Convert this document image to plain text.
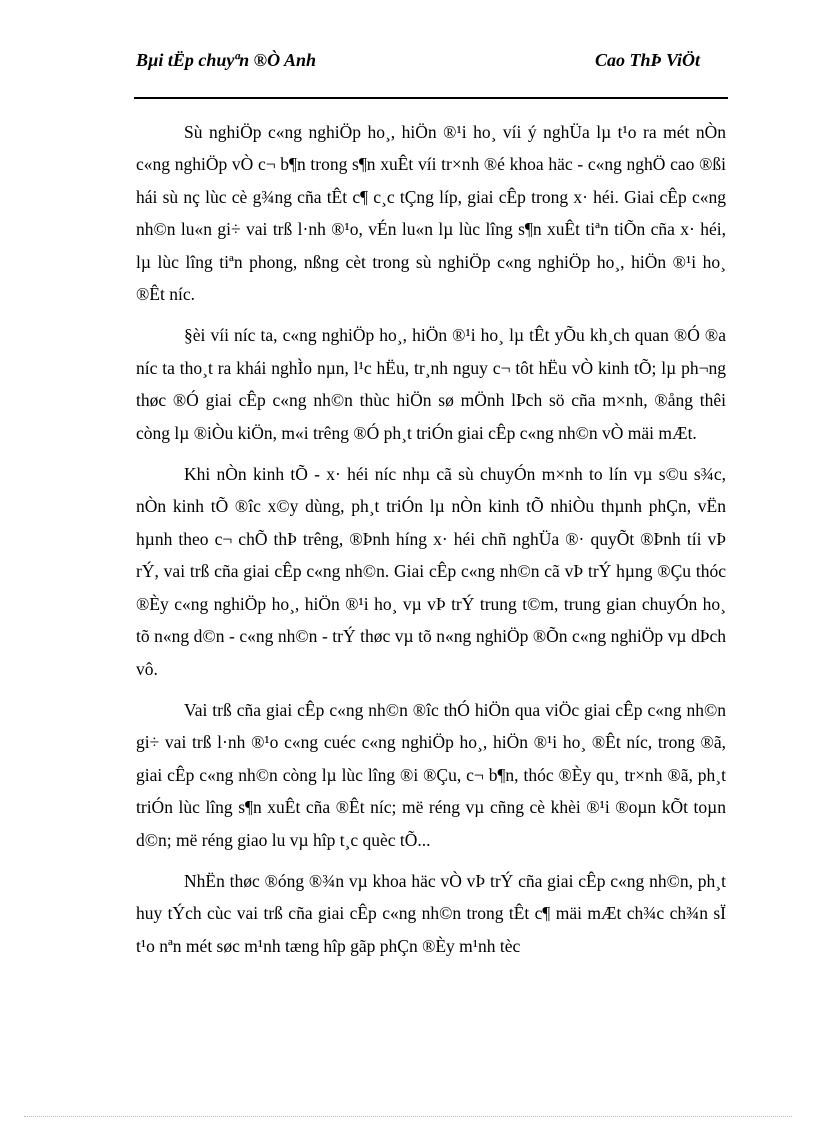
Bµi tËp chuyªn ®Ò Anh	Cao ThÞ ViÖt

Sù nghiÖp c«ng nghiÖp ho¸, hiÖn ®¹i ho¸ víi ý nghÜa lµ t¹o ra mét nÒn c«ng nghiÖp vÒ c¬ b¶n trong s¶n xuÊt víi tr×nh ®é khoa häc - c«ng nghÖ cao ®ßi hái sù nç lùc cè g¾ng cña tÊt c¶ c¸c tÇng líp, giai cÊp trong x· héi. Giai cÊp c«ng nh©n lu«n gi÷ vai trß l·nh ®¹o, vÉn lu«n lµ lùc lîng s¶n xuÊt tiªn tiÕn cña x· héi, lµ lùc lîng tiªn phong, nßng cèt trong sù nghiÖp c«ng nghiÖp ho¸, hiÖn ®¹i ho¸ ®Êt níc.

§èi víi níc ta, c«ng nghiÖp ho¸, hiÖn ®¹i ho¸ lµ tÊt yÕu kh¸ch quan ®Ó ®a níc ta tho¸t ra khái nghÌo nµn, l¹c hËu, tr¸nh nguy c¬ tôt hËu vÒ kinh tÕ; lµ ph¬ng thøc ®Ó giai cÊp c«ng nh©n thùc hiÖn sø mÖnh lÞch sö cña m×nh, ®ång thêi còng lµ ®iÒu kiÖn, m«i trêng ®Ó ph¸t triÓn giai cÊp c«ng nh©n vÒ mäi mÆt.

Khi nÒn kinh tÕ - x· héi níc nhµ cã sù chuyÓn m×nh to lín vµ s©u s¾c, nÒn kinh tÕ ®îc x©y dùng, ph¸t triÓn lµ nÒn kinh tÕ nhiÒu thµnh phÇn, vËn hµnh theo c¬ chÕ thÞ trêng, ®Þnh híng x· héi chñ nghÜa ®· quyÕt ®Þnh tíi vÞ rÝ, vai trß cña giai cÊp c«ng nh©n. Giai cÊp c«ng nh©n cã vÞ trÝ hµng ®Çu thóc ®Èy c«ng nghiÖp ho¸, hiÖn ®¹i ho¸ vµ vÞ trÝ trung t©m, trung gian chuyÓn ho¸ tõ n«ng d©n - c«ng nh©n - trÝ thøc vµ tõ n«ng nghiÖp ®Õn c«ng nghiÖp vµ dÞch vô.

Vai trß cña giai cÊp c«ng nh©n ®îc thÓ hiÖn qua viÖc giai cÊp c«ng nh©n gi÷ vai trß l·nh ®¹o c«ng cuéc c«ng nghiÖp ho¸, hiÖn ®¹i ho¸ ®Êt níc, trong ®ã, giai cÊp c«ng nh©n còng lµ lùc lîng ®i ®Çu, c¬ b¶n, thóc ®Èy qu¸ tr×nh ®ã, ph¸t triÓn lùc lîng s¶n xuÊt cña ®Êt níc; më réng vµ cñng cè khèi ®¹i ®oµn kÕt toµn d©n; më réng giao lu vµ hîp t¸c quèc tÕ...

NhËn thøc ®óng ®¾n vµ khoa häc vÒ vÞ trÝ cña giai cÊp c«ng nh©n, ph¸t huy tÝch cùc vai trß cña giai cÊp c«ng nh©n trong tÊt c¶ mäi mÆt ch¾c ch¾n sÏ t¹o nªn mét søc m¹nh tæng hîp gãp phÇn ®Èy m¹nh tèc
